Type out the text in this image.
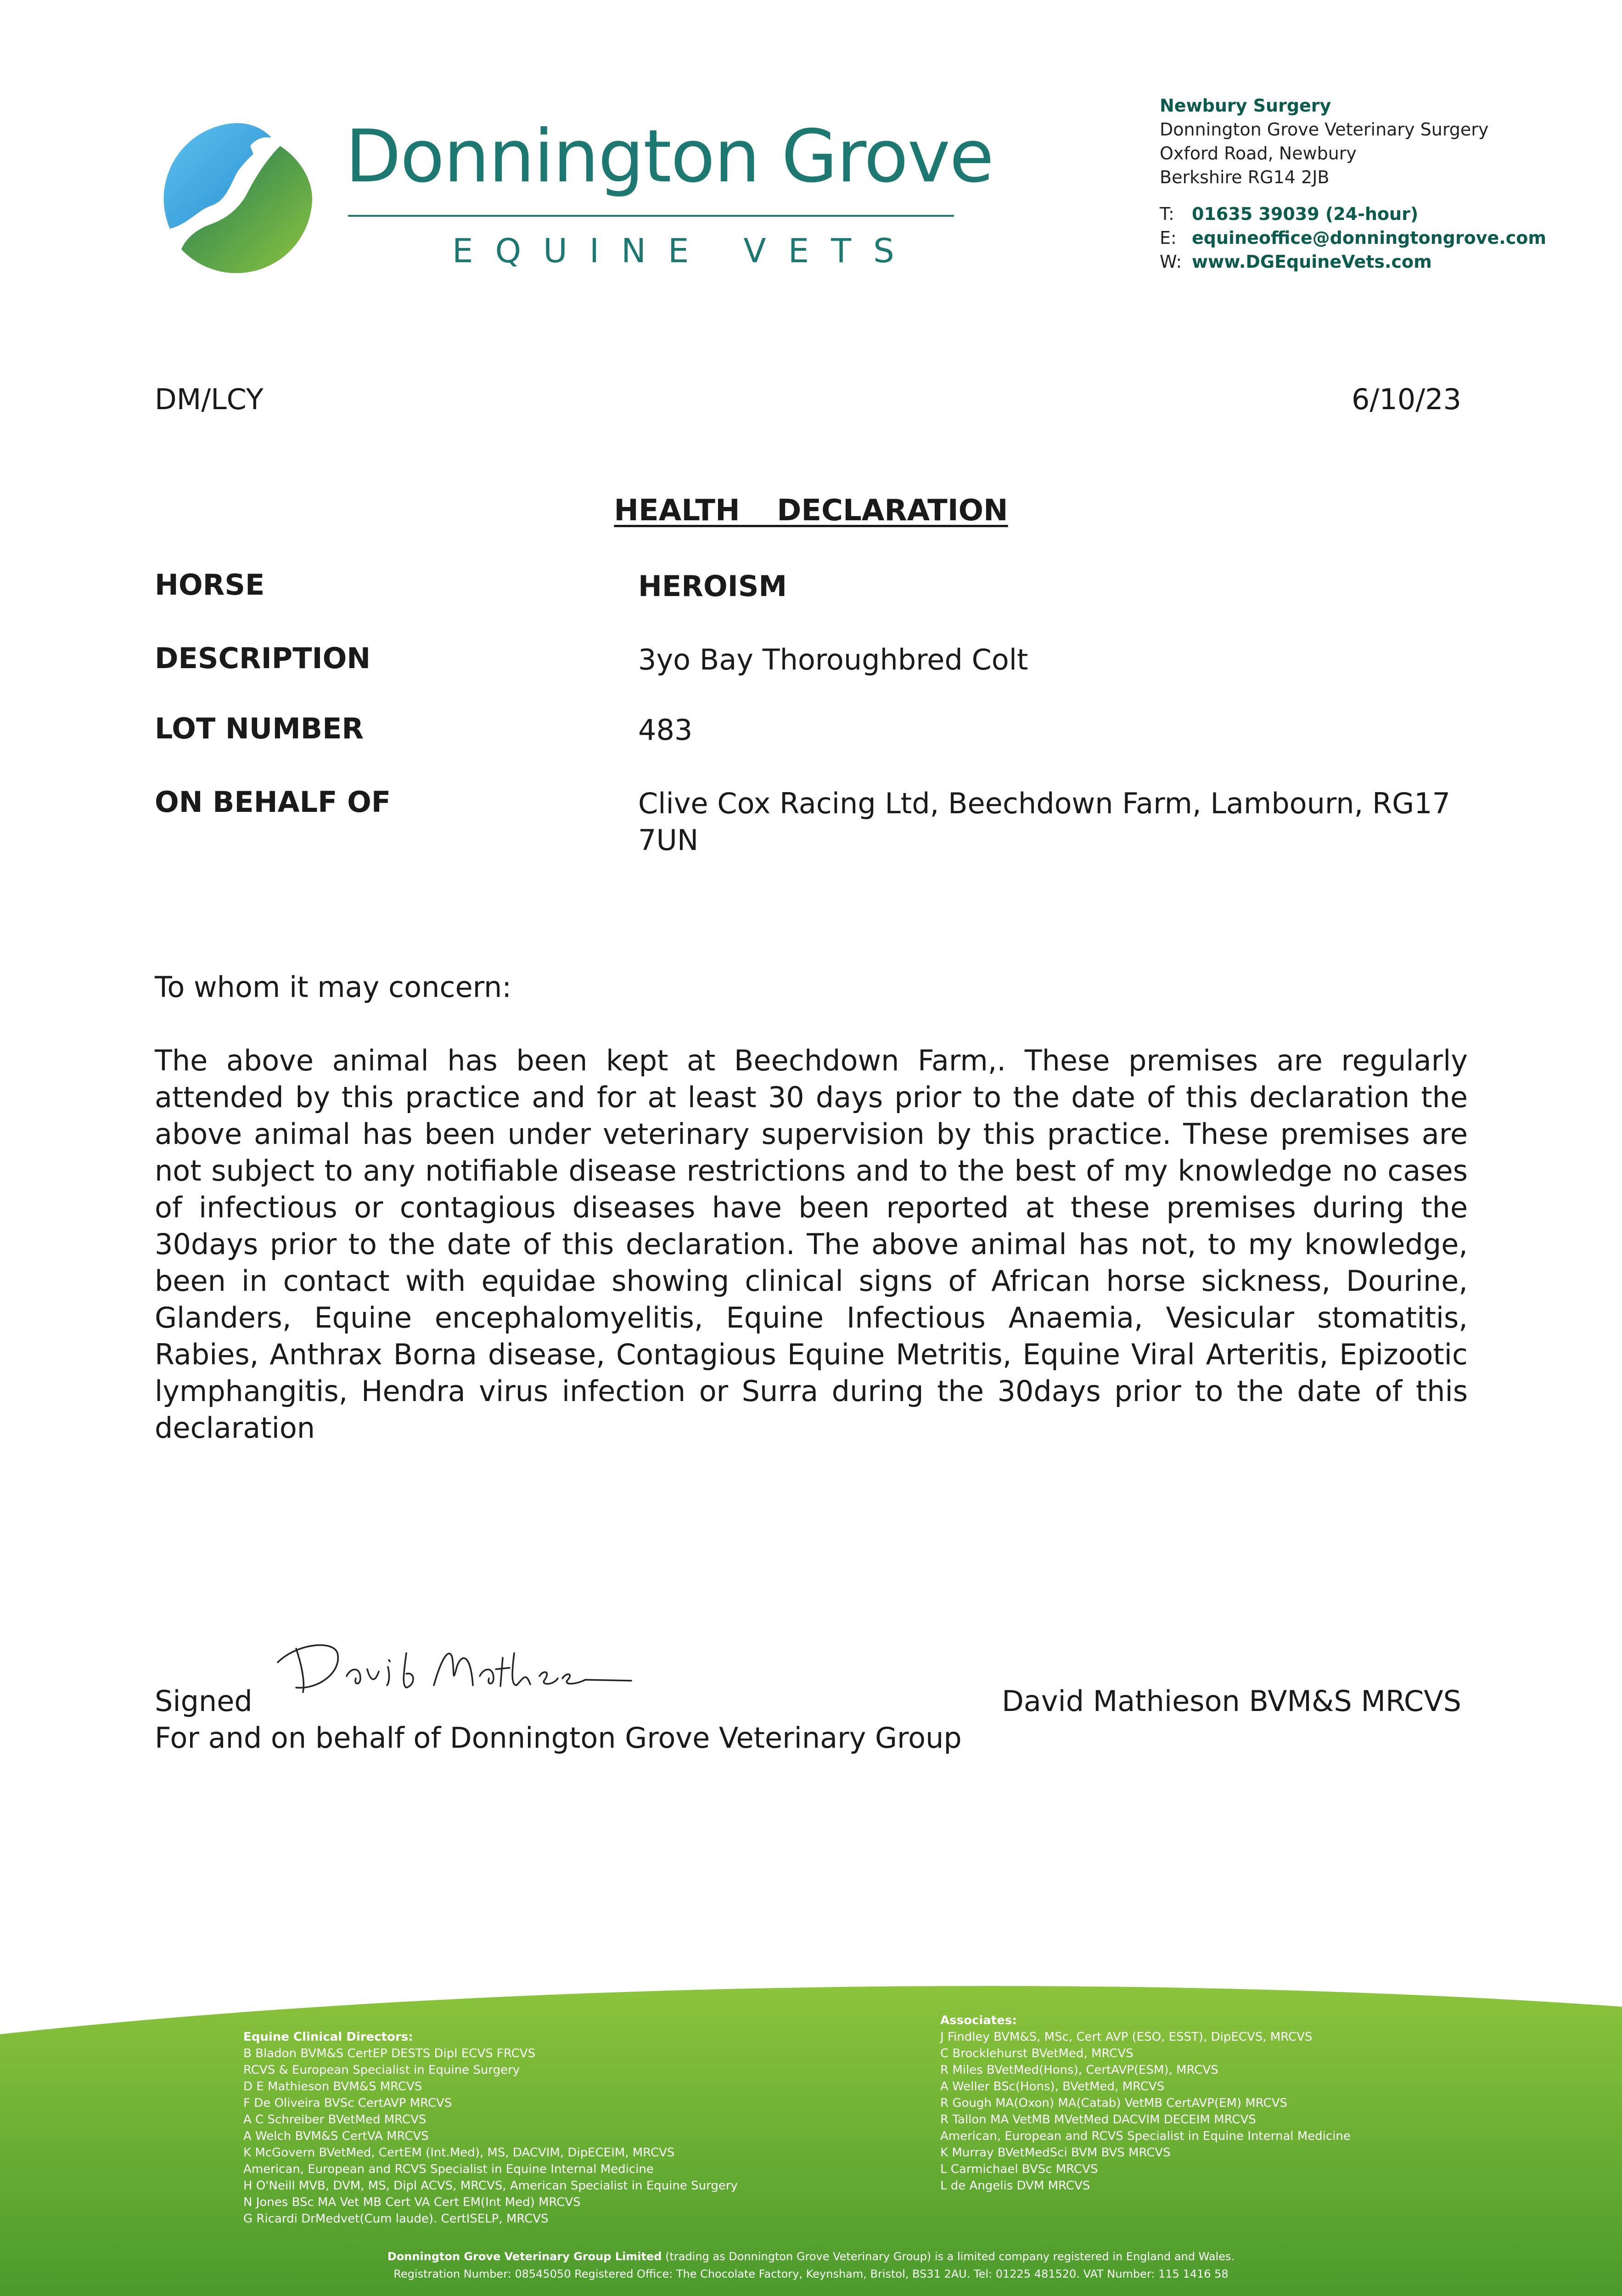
Donnington Grove
EQUINE VETS
Newbury Surgery
Donnington Grove Veterinary Surgery
Oxford Road, Newbury
Berkshire RG14 2JB
T:	01635 39039 (24-hour)
E: equineoffice@donningtongrove.com
W: www.DGEquineVets.com
DM/LCY	6/10/23
HEALTH  DECLARATION
HORSE	HEROISM
DESCRIPTION	3yo Bay Thoroughbred Colt
LOT NUMBER	483
ON BEHALF OF	Clive Cox Racing Ltd, Beechdown Farm, Lambourn, RG17 7UN
To whom it may concern:
The above animal has been kept at Beechdown Farm,. These premises are regularly attended by this practice and for at least 30 days prior to the date of this declaration the above animal has been under veterinary supervision by this practice. These premises are not subject to any notifiable disease restrictions and to the best of my knowledge no cases of infectious or contagious diseases have been reported at these premises during the 30days prior to the date of this declaration. The above animal has not, to my knowledge, been in contact with equidae showing clinical signs of African horse sickness, Dourine, Glanders, Equine encephalomyelitis, Equine Infectious Anaemia, Vesicular stomatitis, Rabies, Anthrax Borna disease, Contagious Equine Metritis, Equine Viral Arteritis, Epizootic lymphangitis, Hendra virus infection or Surra during the 30days prior to the date of this declaration
Signed	David Mathieson BVM&S MRCVS
For and on behalf of Donnington Grove Veterinary Group
Equine Clinical Directors:
B Bladon BVM&S CertEP DESTS Dipl ECVS FRCVS
RCVS & European Specialist in Equine Surgery
D E Mathieson BVM&S MRCVS
F De Oliveira BVSc CertAVP MRCVS
A C Schreiber BVetMed MRCVS
A Welch BVM&S CertVA MRCVS
K McGovern BVetMed, CertEM (Int.Med), MS, DACVIM, DipECEIM, MRCVS
American, European and RCVS Specialist in Equine Internal Medicine
H O'Neill MVB, DVM, MS, Dipl ACVS, MRCVS, American Specialist in Equine Surgery
N Jones BSc MA Vet MB Cert VA Cert EM(Int Med) MRCVS
G Ricardi DrMedvet(Cum laude). CertISELP, MRCVS
Associates:
J Findley BVM&S, MSc, Cert AVP (ESO, ESST), DipECVS, MRCVS
C Brocklehurst BVetMed, MRCVS
R Miles BVetMed(Hons), CertAVP(ESM), MRCVS
A Weller BSc(Hons), BVetMed, MRCVS
R Gough MA(Oxon) MA(Catab) VetMB CertAVP(EM) MRCVS
R Tallon MA VetMB MVetMed DACVIM DECEIM MRCVS
American, European and RCVS Specialist in Equine Internal Medicine
K Murray BVetMedSci BVM BVS MRCVS
L Carmichael BVSc MRCVS
L de Angelis DVM MRCVS
Donnington Grove Veterinary Group Limited (trading as Donnington Grove Veterinary Group) is a limited company registered in England and Wales.
Registration Number: 08545050 Registered Office: The Chocolate Factory, Keynsham, Bristol, BS31 2AU. Tel: 01225 481520. VAT Number: 115 1416 58
